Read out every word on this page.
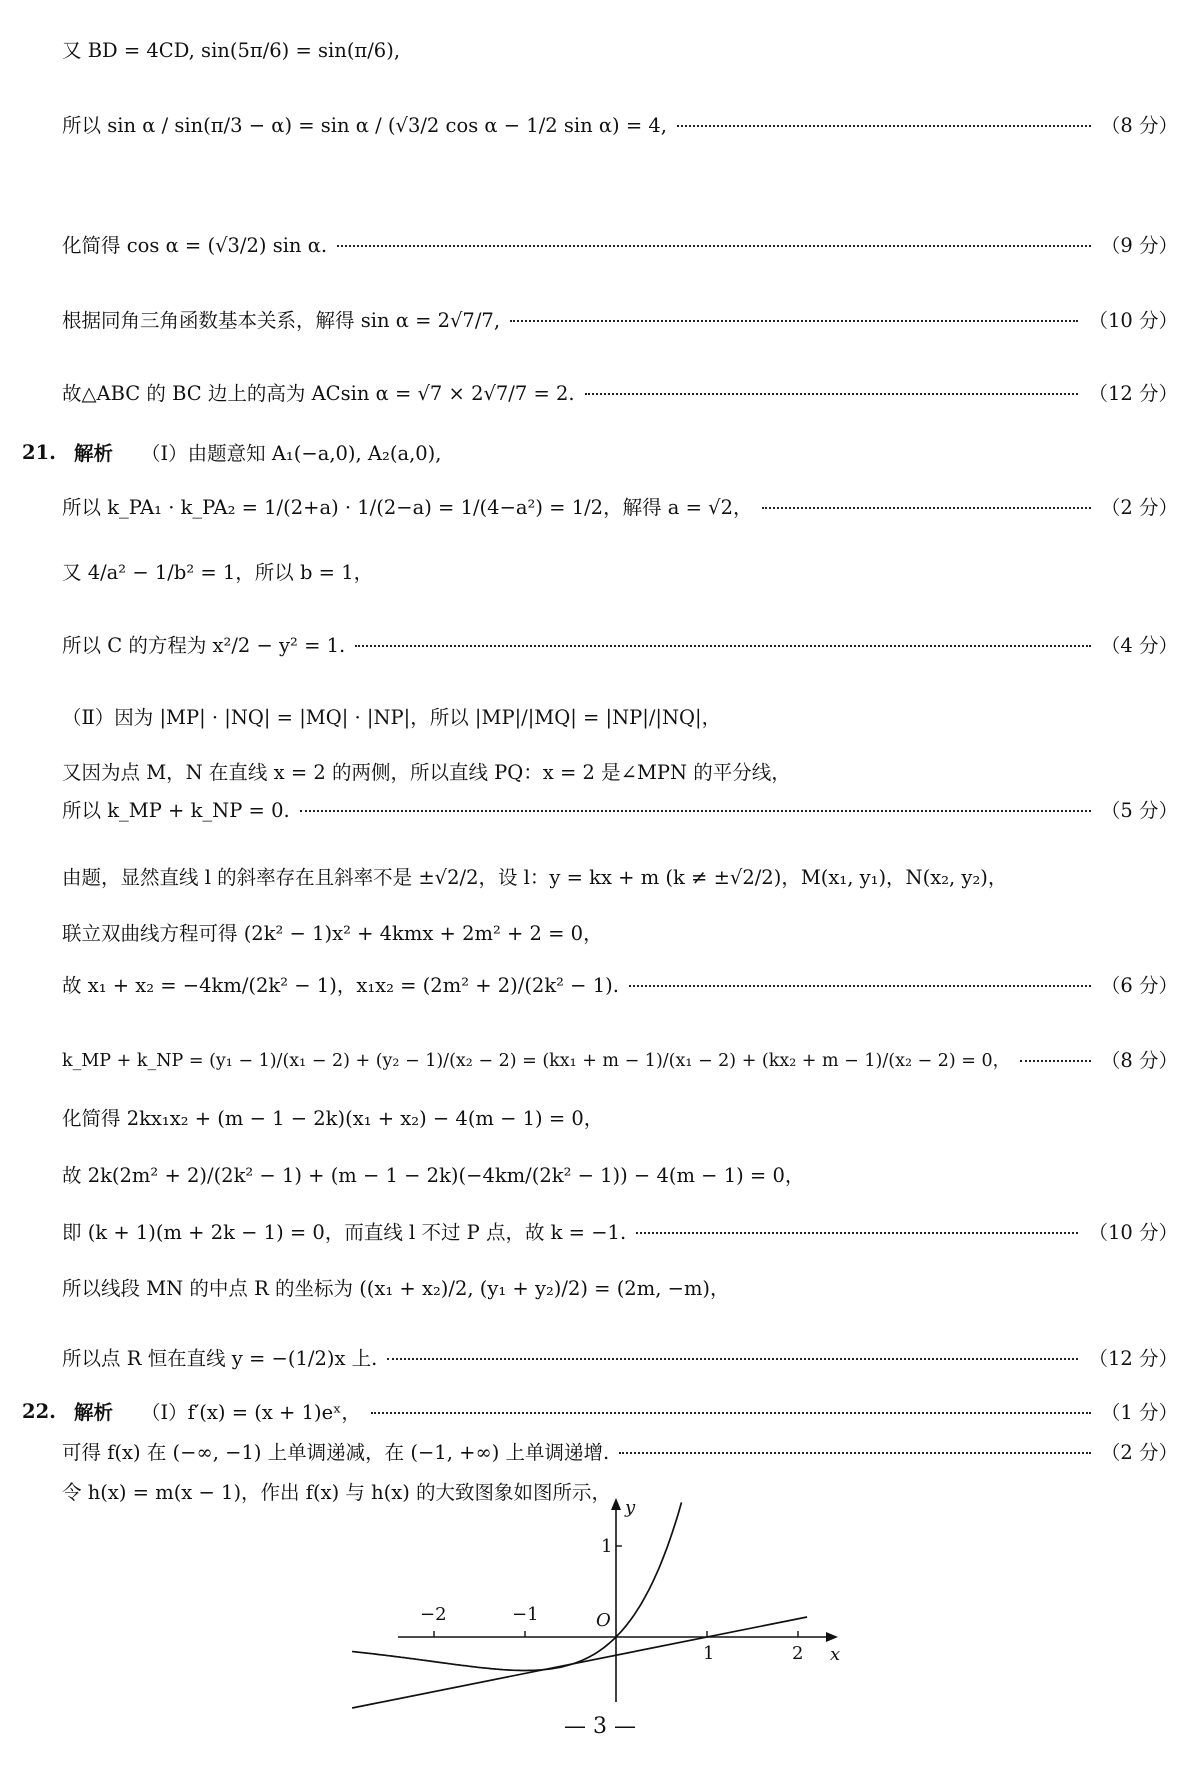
又 BD = 4CD, sin(5π/6) = sin(π/6),
所以 sin α / sin(π/3 − α) = sin α / (√3/2 cos α − 1/2 sin α) = 4,	（8 分）
化简得 cos α = (√3/2) sin α.	（9 分）
根据同角三角函数基本关系，解得 sin α = 2√7/7,	（10 分）
故△ABC 的 BC 边上的高为 ACsin α = √7 × 2√7/7 = 2.	（12 分）
21. 解析 （Ⅰ）由题意知 A₁(−a,0), A₂(a,0),
所以 k_PA₁ · k_PA₂ = 1/(2+a) · 1/(2−a) = 1/(4−a²) = 1/2，解得 a = √2，	（2 分）
又 4/a² − 1/b² = 1，所以 b = 1，
所以 C 的方程为 x²/2 − y² = 1.	（4 分）
（Ⅱ）因为 |MP| · |NQ| = |MQ| · |NP|，所以 |MP|/|MQ| = |NP|/|NQ|，
又因为点 M，N 在直线 x = 2 的两侧，所以直线 PQ：x = 2 是∠MPN 的平分线，
所以 k_MP + k_NP = 0.	（5 分）
由题，显然直线 l 的斜率存在且斜率不是 ±√2/2，设 l：y = kx + m (k ≠ ±√2/2)，M(x₁, y₁)，N(x₂, y₂)，
联立双曲线方程可得 (2k² − 1)x² + 4kmx + 2m² + 2 = 0，
故 x₁ + x₂ = −4km/(2k² − 1)，x₁x₂ = (2m² + 2)/(2k² − 1).	（6 分）
k_MP + k_NP = (y₁ − 1)/(x₁ − 2) + (y₂ − 1)/(x₂ − 2) = (kx₁ + m − 1)/(x₁ − 2) + (kx₂ + m − 1)/(x₂ − 2) = 0，	（8 分）
化简得 2kx₁x₂ + (m − 1 − 2k)(x₁ + x₂) − 4(m − 1) = 0，
故 2k(2m² + 2)/(2k² − 1) + (m − 1 − 2k)(−4km/(2k² − 1)) − 4(m − 1) = 0，
即 (k + 1)(m + 2k − 1) = 0，而直线 l 不过 P 点，故 k = −1.	（10 分）
所以线段 MN 的中点 R 的坐标为 ((x₁ + x₂)/2, (y₁ + y₂)/2) = (2m, −m)，
所以点 R 恒在直线 y = −(1/2)x 上.	（12 分）
22. 解析 （Ⅰ）f′(x) = (x + 1)eˣ，	（1 分）
可得 f(x) 在 (−∞, −1) 上单调递减，在 (−1, +∞) 上单调递增.	（2 分）
令 h(x) = m(x − 1)，作出 f(x) 与 h(x) 的大致图象如图所示，
−2	−1
1	2
1
O
x
y
— 3 —
